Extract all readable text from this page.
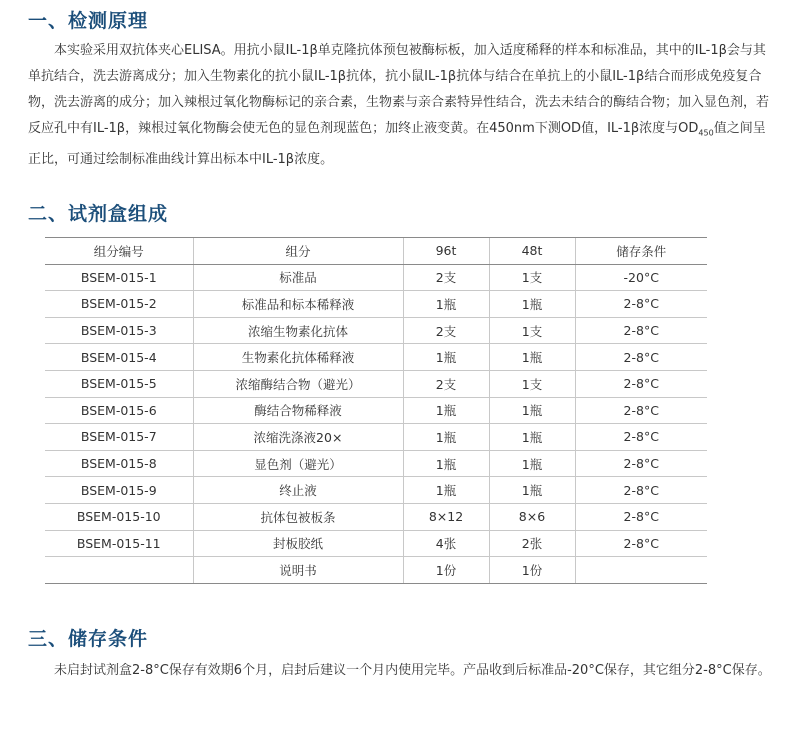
一、检测原理

本实验采用双抗体夹心ELISA。用抗小鼠IL-1β单克隆抗体预包被酶标板，加入适度稀释的样本和标准品，其中的IL-1β会与其单抗结合，洗去游离成分；加入生物素化的抗小鼠IL-1β抗体，抗小鼠IL-1β抗体与结合在单抗上的小鼠IL-1β结合而形成免疫复合物，洗去游离的成分；加入辣根过氧化物酶标记的亲合素，生物素与亲合素特异性结合，洗去未结合的酶结合物；加入显色剂，若反应孔中有IL-1β，辣根过氧化物酶会使无色的显色剂现蓝色；加终止液变黄。在450nm下测OD值，IL-1β浓度与$OD_{450}$值之间呈正比，可通过绘制标准曲线计算出标本中IL-1β浓度。

二、试剂盒组成
组分编号	组分	96t	48t	储存条件
BSEM-015-1	标准品	2支	1支	-20°C
BSEM-015-2	标准品和标本稀释液	1瓶	1瓶	2-8°C
BSEM-015-3	浓缩生物素化抗体	2支	1支	2-8°C
BSEM-015-4	生物素化抗体稀释液	1瓶	1瓶	2-8°C
BSEM-015-5	浓缩酶结合物（避光）	2支	1支	2-8°C
BSEM-015-6	酶结合物稀释液	1瓶	1瓶	2-8°C
BSEM-015-7	浓缩洗涤液20×	1瓶	1瓶	2-8°C
BSEM-015-8	显色剂（避光）	1瓶	1瓶	2-8°C
BSEM-015-9	终止液	1瓶	1瓶	2-8°C
BSEM-015-10	抗体包被板条	8×12	8×6	2-8°C
BSEM-015-11	封板胶纸	4张	2张	2-8°C
	说明书	1份	1份	
三、储存条件

未启封试剂盒2-8°C保存有效期6个月，启封后建议一个月内使用完毕。产品收到后标准品-20°C保存，其它组分2-8°C保存。
